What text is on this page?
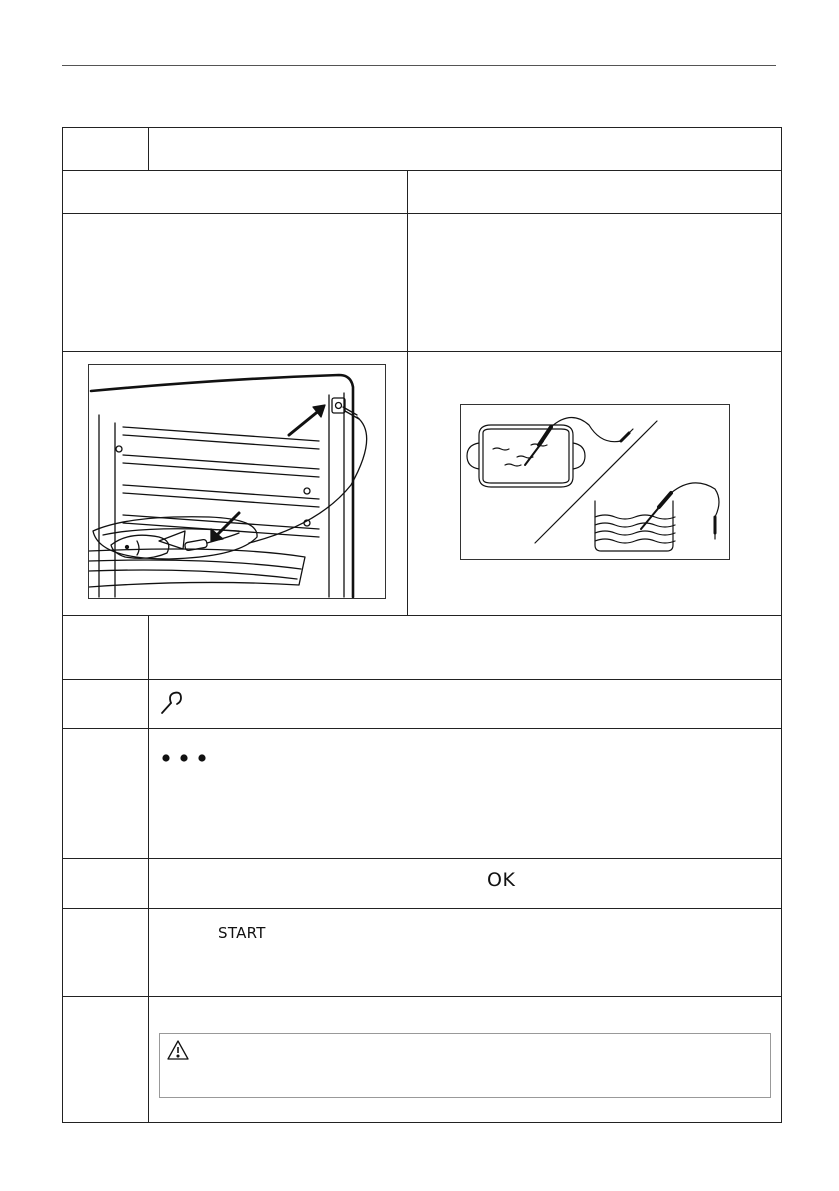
OK
START
